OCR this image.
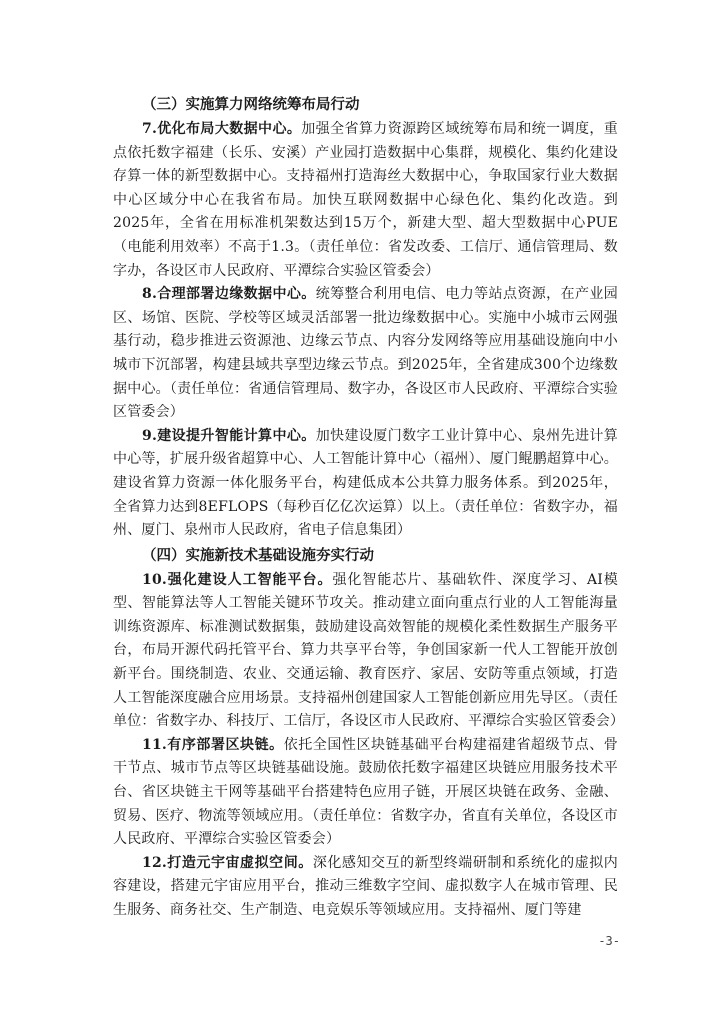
（三）实施算力网络统筹布局行动

7.优化布局大数据中心。加强全省算力资源跨区域统筹布局和统一调度，重点依托数字福建（长乐、安溪）产业园打造数据中心集群，规模化、集约化建设存算一体的新型数据中心。支持福州打造海丝大数据中心，争取国家行业大数据中心区域分中心在我省布局。加快互联网数据中心绿色化、集约化改造。到2025年，全省在用标准机架数达到15万个，新建大型、超大型数据中心PUE（电能利用效率）不高于1.3。（责任单位：省发改委、工信厅、通信管理局、数字办，各设区市人民政府、平潭综合实验区管委会）

8.合理部署边缘数据中心。统筹整合利用电信、电力等站点资源，在产业园区、场馆、医院、学校等区域灵活部署一批边缘数据中心。实施中小城市云网强基行动，稳步推进云资源池、边缘云节点、内容分发网络等应用基础设施向中小城市下沉部署，构建县域共享型边缘云节点。到2025年，全省建成300个边缘数据中心。（责任单位：省通信管理局、数字办，各设区市人民政府、平潭综合实验区管委会）

9.建设提升智能计算中心。加快建设厦门数字工业计算中心、泉州先进计算中心等，扩展升级省超算中心、人工智能计算中心（福州）、厦门鲲鹏超算中心。建设省算力资源一体化服务平台，构建低成本公共算力服务体系。到2025年，全省算力达到8EFLOPS（每秒百亿亿次运算）以上。（责任单位：省数字办，福州、厦门、泉州市人民政府，省电子信息集团）

（四）实施新技术基础设施夯实行动

10.强化建设人工智能平台。强化智能芯片、基础软件、深度学习、AI模型、智能算法等人工智能关键环节攻关。推动建立面向重点行业的人工智能海量训练资源库、标准测试数据集，鼓励建设高效智能的规模化柔性数据生产服务平台，布局开源代码托管平台、算力共享平台等，争创国家新一代人工智能开放创新平台。围绕制造、农业、交通运输、教育医疗、家居、安防等重点领域，打造人工智能深度融合应用场景。支持福州创建国家人工智能创新应用先导区。（责任单位：省数字办、科技厅、工信厅，各设区市人民政府、平潭综合实验区管委会）

11.有序部署区块链。依托全国性区块链基础平台构建福建省超级节点、骨干节点、城市节点等区块链基础设施。鼓励依托数字福建区块链应用服务技术平台、省区块链主干网等基础平台搭建特色应用子链，开展区块链在政务、金融、贸易、医疗、物流等领域应用。（责任单位：省数字办，省直有关单位，各设区市人民政府、平潭综合实验区管委会）

12.打造元宇宙虚拟空间。深化感知交互的新型终端研制和系统化的虚拟内容建设，搭建元宇宙应用平台，推动三维数字空间、虚拟数字人在城市管理、民生服务、商务社交、生产制造、电竞娱乐等领域应用。支持福州、厦门等建

-3-
